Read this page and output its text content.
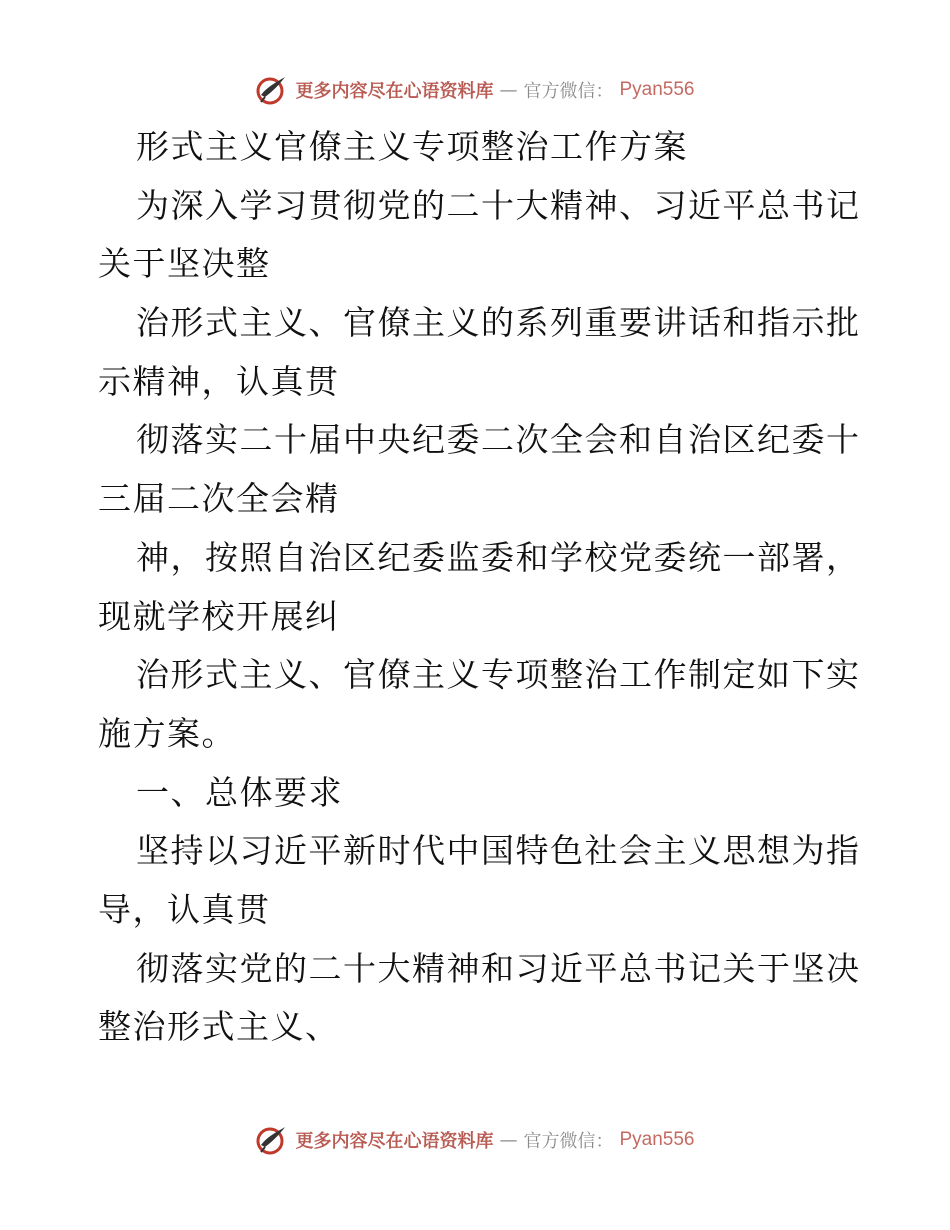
更多内容尽在心语资料库 — 官方微信： Pyan556
形式主义官僚主义专项整治工作方案
为深入学习贯彻党的二十大精神、习近平总书记
关于坚决整
治形式主义、官僚主义的系列重要讲话和指示批
示精神，认真贯
彻落实二十届中央纪委二次全会和自治区纪委十
三届二次全会精
神，按照自治区纪委监委和学校党委统一部署，
现就学校开展纠
治形式主义、官僚主义专项整治工作制定如下实
施方案。
一、总体要求
坚持以习近平新时代中国特色社会主义思想为指
导，认真贯
彻落实党的二十大精神和习近平总书记关于坚决
整治形式主义、
更多内容尽在心语资料库 — 官方微信： Pyan556
